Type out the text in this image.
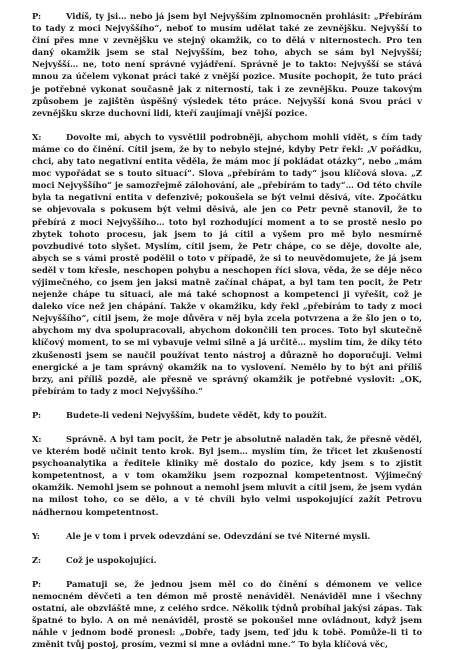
P:	Vidíš, ty jsi… nebo já jsem byl Nejvyšším zplnomocněn prohlásit: „Přebírám to tady z moci Nejvyššího“, neboť to musím udělat také ze zevnějšku. Nejvyšší to činí přes mne v zevnějšku ve stejný okamžik, co to dělá v niternostech. Pro ten daný okamžik jsem se stal Nejvyšším, bez toho, abych se sám byl Nejvyšší; Nejvyšší… ne, toto není správné vyjádření. Správně je to takto: Nejvyšší se stává mnou za účelem vykonat práci také z vnější pozice. Musíte pochopit, že tuto práci je potřebné vykonat současně jak z niterností, tak i ze zevnějšku. Pouze takovým způsobem je zajištěn úspěšný výsledek této práce. Nejvyšší koná Svou práci v zevnějšku skrze duchovní lidi, kteří zaujímají vnější pozice.
X:	Dovolte mi, abych to vysvětlil podrobněji, abychom mohli vidět, s čím tady máme co do činění. Cítil jsem, že by to nebylo stejné, kdyby Petr řekl: „V pořádku, chci, aby tato negativní entita věděla, že mám moc jí pokládat otázky“, nebo „mám moc vypořádat se s touto situací“. Slova „přebírám to tady“ jsou klíčová slova. „Z moci Nejvyššího“ je samozřejmě zálohování, ale „přebírám to tady“… Od této chvíle byla ta negativní entita v defenzivě; pokoušela se být velmi děsivá, víte. Zpočátku se objevovala s pokusem být velmi děsivá, ale jen co Petr pevně stanovil, že to přebírá z moci Nejvyššího… toto byl rozhodující moment a to se prostě neslo po zbytek tohoto procesu, jak jsem to já cítil a vyšem pro mě bylo nesmírně povzbudivé toto slyšet. Myslím, cítil jsem, že Petr chápe, co se děje, dovolte ale, abych se s vámi prostě podělil o toto v případě, že si to neuvědomujete, že já jsem seděl v tom křesle, neschopen pohybu a neschopen říci slova, věda, že se děje něco výjimečného, co jsem jen jaksi matně začínal chápat, a byl tam ten pocit, že Petr nejenže chápe tu situaci, ale má také schopnost a kompetenci ji vyřešit, což je daleko více než jen chápání. Takže v okamžiku, kdy řekl „přebírám to tady z moci Nejvyššího“, cítil jsem, že moje důvěra v něj byla zcela potvrzena a že šlo jen o to, abychom my dva spolupracovali, abychom dokončili ten proces. Toto byl skutečně klíčový moment, to se mi vybavuje velmi silně a já určitě… myslím tím, že díky této zkušenosti jsem se naučil používat tento nástroj a důrazně ho doporučuji. Velmi energické a je tam správný okamžik na to vyslovení. Nemělo by to být ani příliš brzy, ani příliš pozdě, ale přesně ve správný okamžik je potřebné vyslovit: „OK, přebírám to tady z moci Nejvyššího.“
P:	Budete-li vedeni Nejvyšším, budete vědět, kdy to použít.
X:	Správně. A byl tam pocit, že Petr je absolutně naladěn tak, že přesně věděl, ve kterém bodě učinit tento krok. Byl jsem… myslím tím, že třicet let zkušeností psychoanalytika a ředitele kliniky mě dostalo do pozice, kdy jsem s to zjistit kompetentnost, a v tom okamžiku jsem rozpoznal kompetentnost. Výjimečný okamžik. Nemohl jsem se pohnout a nemohl jsem mluvit a cítil jsem, že jsem vydán na milost toho, co se dělo, a v té chvíli bylo velmi uspokojující zažít Petrovu nádhernou kompetentnost.
Y:	Ale je v tom i prvek odevzdání se. Odevzdání se tvé Niterné mysli.
Z:	Což je uspokojující.
P:	Pamatuji se, že jednou jsem měl co do činění s démonem ve velice nemocném děvčeti a ten démon mě prostě nenáviděl. Nenáviděl mne i všechny ostatní, ale obzvláště mne, z celého srdce. Několik týdnů probíhal jakýsi zápas. Tak špatné to bylo. A on mě nenáviděl, prostě se pokoušel mne ovládnout, když jsem náhle v jednom bodě pronesl: „Dobře, tady jsem, teď jdu k tobě. Pomůže-li ti to změnit tvůj postoj, prosím, vezmi si mne a ovládni mne.“ To byla klíčová věc,
